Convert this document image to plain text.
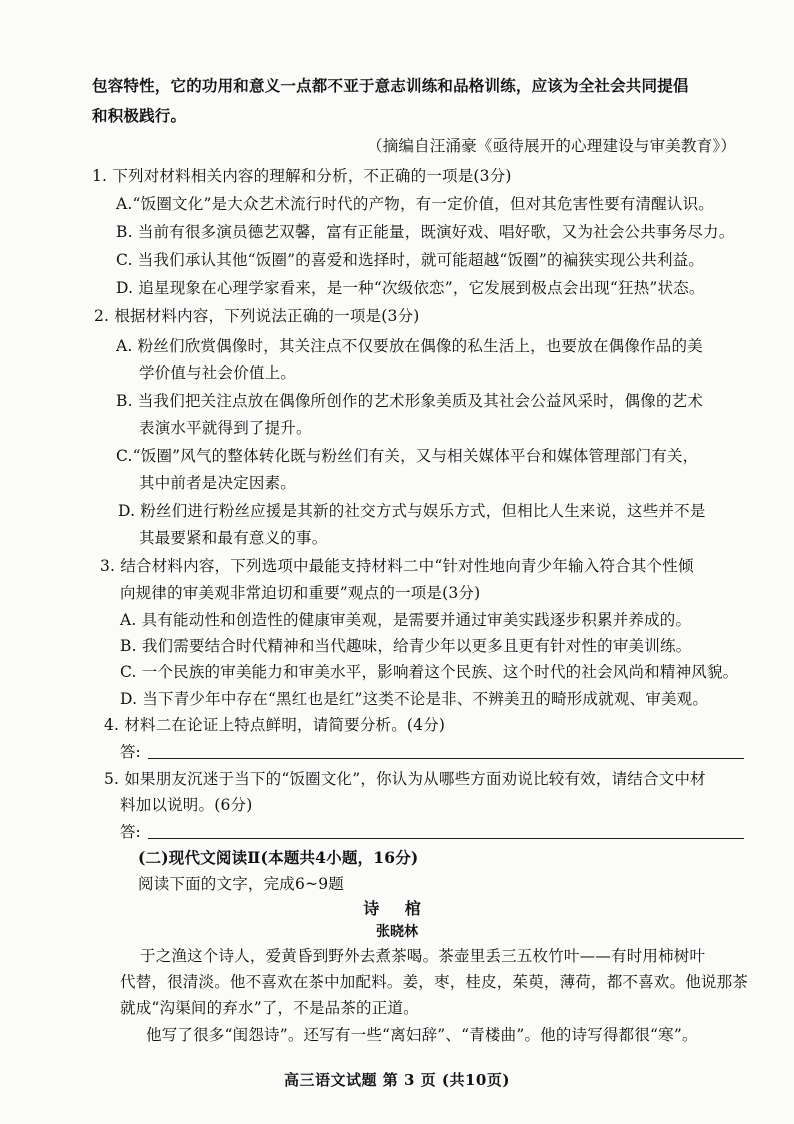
包容特性，它的功用和意义一点都不亚于意志训练和品格训练，应该为全社会共同提倡
和积极践行。
（摘编自汪涌豪《亟待展开的心理建设与审美教育》）
1. 下列对材料相关内容的理解和分析，不正确的一项是(3分)
A.“饭圈文化”是大众艺术流行时代的产物，有一定价值，但对其危害性要有清醒认识。
B. 当前有很多演员德艺双馨，富有正能量，既演好戏、唱好歌，又为社会公共事务尽力。
C. 当我们承认其他“饭圈”的喜爱和选择时，就可能超越“饭圈”的褊狭实现公共利益。
D. 追星现象在心理学家看来，是一种“次级依恋”，它发展到极点会出现“狂热”状态。
2. 根据材料内容，下列说法正确的一项是(3分)
A. 粉丝们欣赏偶像时，其关注点不仅要放在偶像的私生活上，也要放在偶像作品的美
学价值与社会价值上。
B. 当我们把关注点放在偶像所创作的艺术形象美质及其社会公益风采时，偶像的艺术
表演水平就得到了提升。
C.“饭圈”风气的整体转化既与粉丝们有关，又与相关媒体平台和媒体管理部门有关，
其中前者是决定因素。
D. 粉丝们进行粉丝应援是其新的社交方式与娱乐方式，但相比人生来说，这些并不是
其最要紧和最有意义的事。
3. 结合材料内容，下列选项中最能支持材料二中“针对性地向青少年输入符合其个性倾
向规律的审美观非常迫切和重要”观点的一项是(3分)
A. 具有能动性和创造性的健康审美观，是需要并通过审美实践逐步积累并养成的。
B. 我们需要结合时代精神和当代趣味，给青少年以更多且更有针对性的审美训练。
C. 一个民族的审美能力和审美水平，影响着这个民族、这个时代的社会风尚和精神风貌。
D. 当下青少年中存在“黑红也是红”这类不论是非、不辨美丑的畸形成就观、审美观。
4. 材料二在论证上特点鲜明，请简要分析。(4分)
答:
5. 如果朋友沉迷于当下的“饭圈文化”，你认为从哪些方面劝说比较有效，请结合文中材
料加以说明。(6分)
答:
(二)现代文阅读Ⅱ(本题共4小题，16分)
阅读下面的文字，完成6~9题
诗 棺
张晓林
于之渔这个诗人，爱黄昏到野外去煮茶喝。茶壶里丢三五枚竹叶——有时用柿树叶
代替，很清淡。他不喜欢在茶中加配料。姜，枣，桂皮，茱萸，薄荷，都不喜欢。他说那茶
就成“沟渠间的弃水”了，不是品茶的正道。
他写了很多“闺怨诗”。还写有一些“离妇辞”、“青楼曲”。他的诗写得都很“寒”。
高三语文试题 第 3 页 (共10页)
